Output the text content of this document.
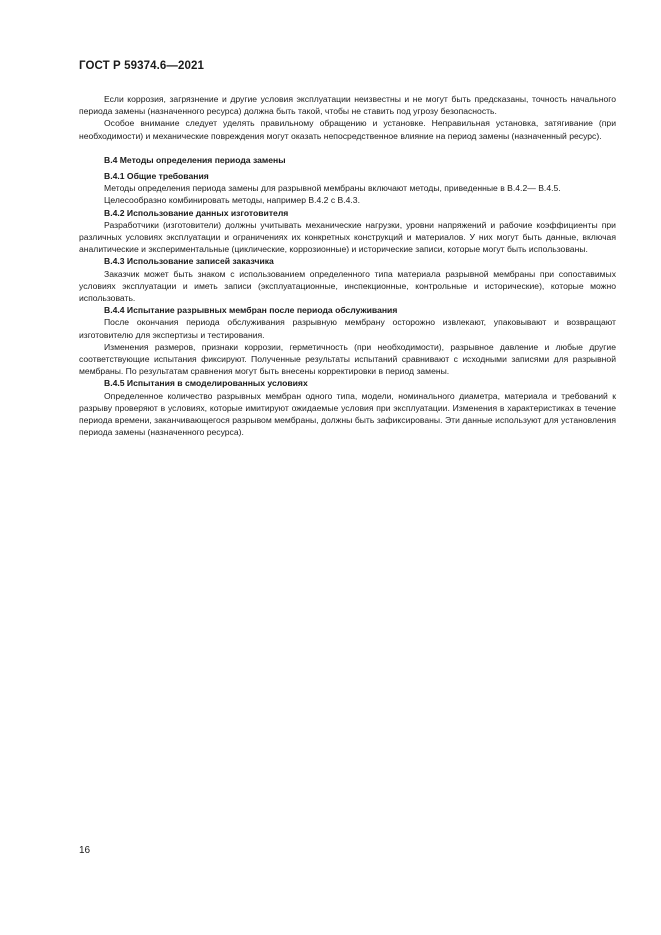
ГОСТ Р 59374.6—2021

Если коррозия, загрязнение и другие условия эксплуатации неизвестны и не могут быть предсказаны, точность начального периода замены (назначенного ресурса) должна быть такой, чтобы не ставить под угрозу безопасность.

Особое внимание следует уделять правильному обращению и установке. Неправильная установка, затягивание (при необходимости) и механические повреждения могут оказать непосредственное влияние на период замены (назначенный ресурс).

В.4 Методы определения периода замены

В.4.1 Общие требования

Методы определения периода замены для разрывной мембраны включают методы, приведенные в В.4.2— В.4.5.

Целесообразно комбинировать методы, например В.4.2 с В.4.3.

В.4.2 Использование данных изготовителя

Разработчики (изготовители) должны учитывать механические нагрузки, уровни напряжений и рабочие коэффициенты при различных условиях эксплуатации и ограничениях их конкретных конструкций и материалов. У них могут быть данные, включая аналитические и экспериментальные (циклические, коррозионные) и исторические записи, которые могут быть использованы.

В.4.3 Использование записей заказчика

Заказчик может быть знаком с использованием определенного типа материала разрывной мембраны при сопоставимых условиях эксплуатации и иметь записи (эксплуатационные, инспекционные, контрольные и исторические), которые можно использовать.

В.4.4 Испытание разрывных мембран после периода обслуживания

После окончания периода обслуживания разрывную мембрану осторожно извлекают, упаковывают и возвращают изготовителю для экспертизы и тестирования.

Изменения размеров, признаки коррозии, герметичность (при необходимости), разрывное давление и любые другие соответствующие испытания фиксируют. Полученные результаты испытаний сравнивают с исходными записями для разрывной мембраны. По результатам сравнения могут быть внесены корректировки в период замены.

В.4.5 Испытания в смоделированных условиях

Определенное количество разрывных мембран одного типа, модели, номинального диаметра, материала и требований к разрыву проверяют в условиях, которые имитируют ожидаемые условия при эксплуатации. Изменения в характеристиках в течение периода времени, заканчивающегося разрывом мембраны, должны быть зафиксированы. Эти данные используют для установления периода замены (назначенного ресурса).

16
